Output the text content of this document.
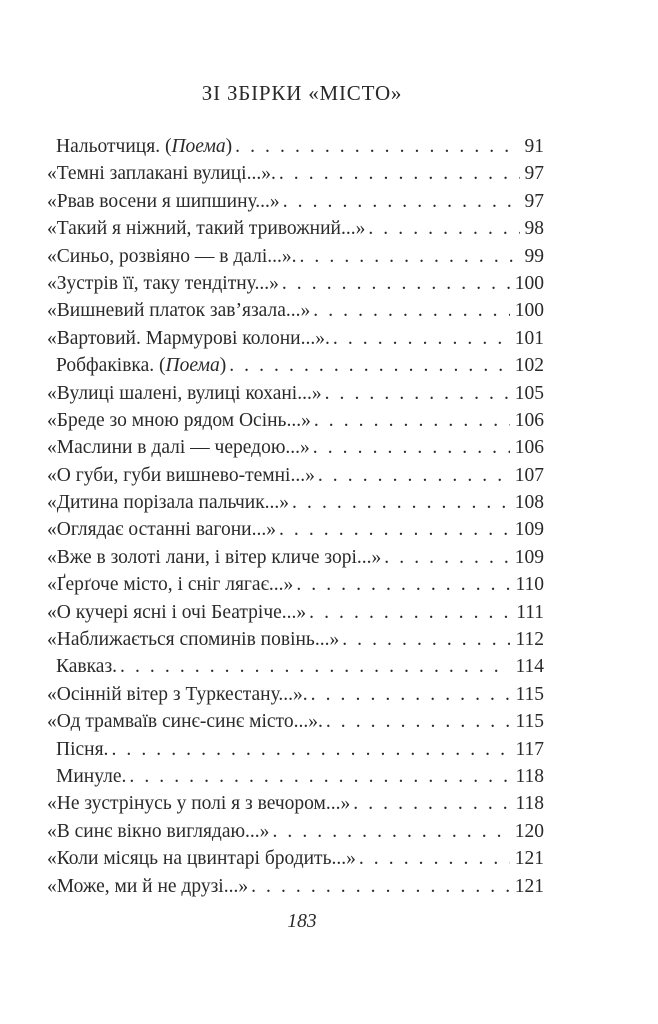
ЗІ ЗБІРКИ «МІСТО»
Нальотчиця. (Поема) . . .	91
«Темні заплакані вулиці...». . . .	97
«Рвав восени я шипшину...» . . .	97
«Такий я ніжний, такий тривожний...» . . .	98
«Синьо, розвіяно — в далі...». . . .	99
«Зустрів її, таку тендітну...» . . .	100
«Вишневий платок зав’язала...» . . .	100
«Вартовий. Мармурові колони...». . . .	101
Робфаківка. (Поема) . . .	102
«Вулиці шалені, вулиці кохані...» . . .	105
«Бреде зо мною рядом Осінь...» . . .	106
«Маслини в далі — чередою...» . . .	106
«О губи, губи вишнево-темні...» . . .	107
«Дитина порізала пальчик...» . . .	108
«Оглядає останні вагони...» . . .	109
«Вже в золоті лани, і вітер кличе зорі...» . . .	109
«Ґерґоче місто, і сніг лягає...» . . .	110
«О кучері ясні і очі Беатріче...» . . .	111
«Наближається споминів повінь...» . . .	112
Кавказ. . . .	114
«Осінній вітер з Туркестану...». . . .	115
«Од трамваїв синє-синє місто...». . . .	115
Пісня. . . .	117
Минуле. . . .	118
«Не зустрінусь у полі я з вечором...» . . .	118
«В синє вікно виглядаю...» . . .	120
«Коли місяць на цвинтарі бродить...» . . .	121
«Може, ми й не друзі...» . . .	121
183
